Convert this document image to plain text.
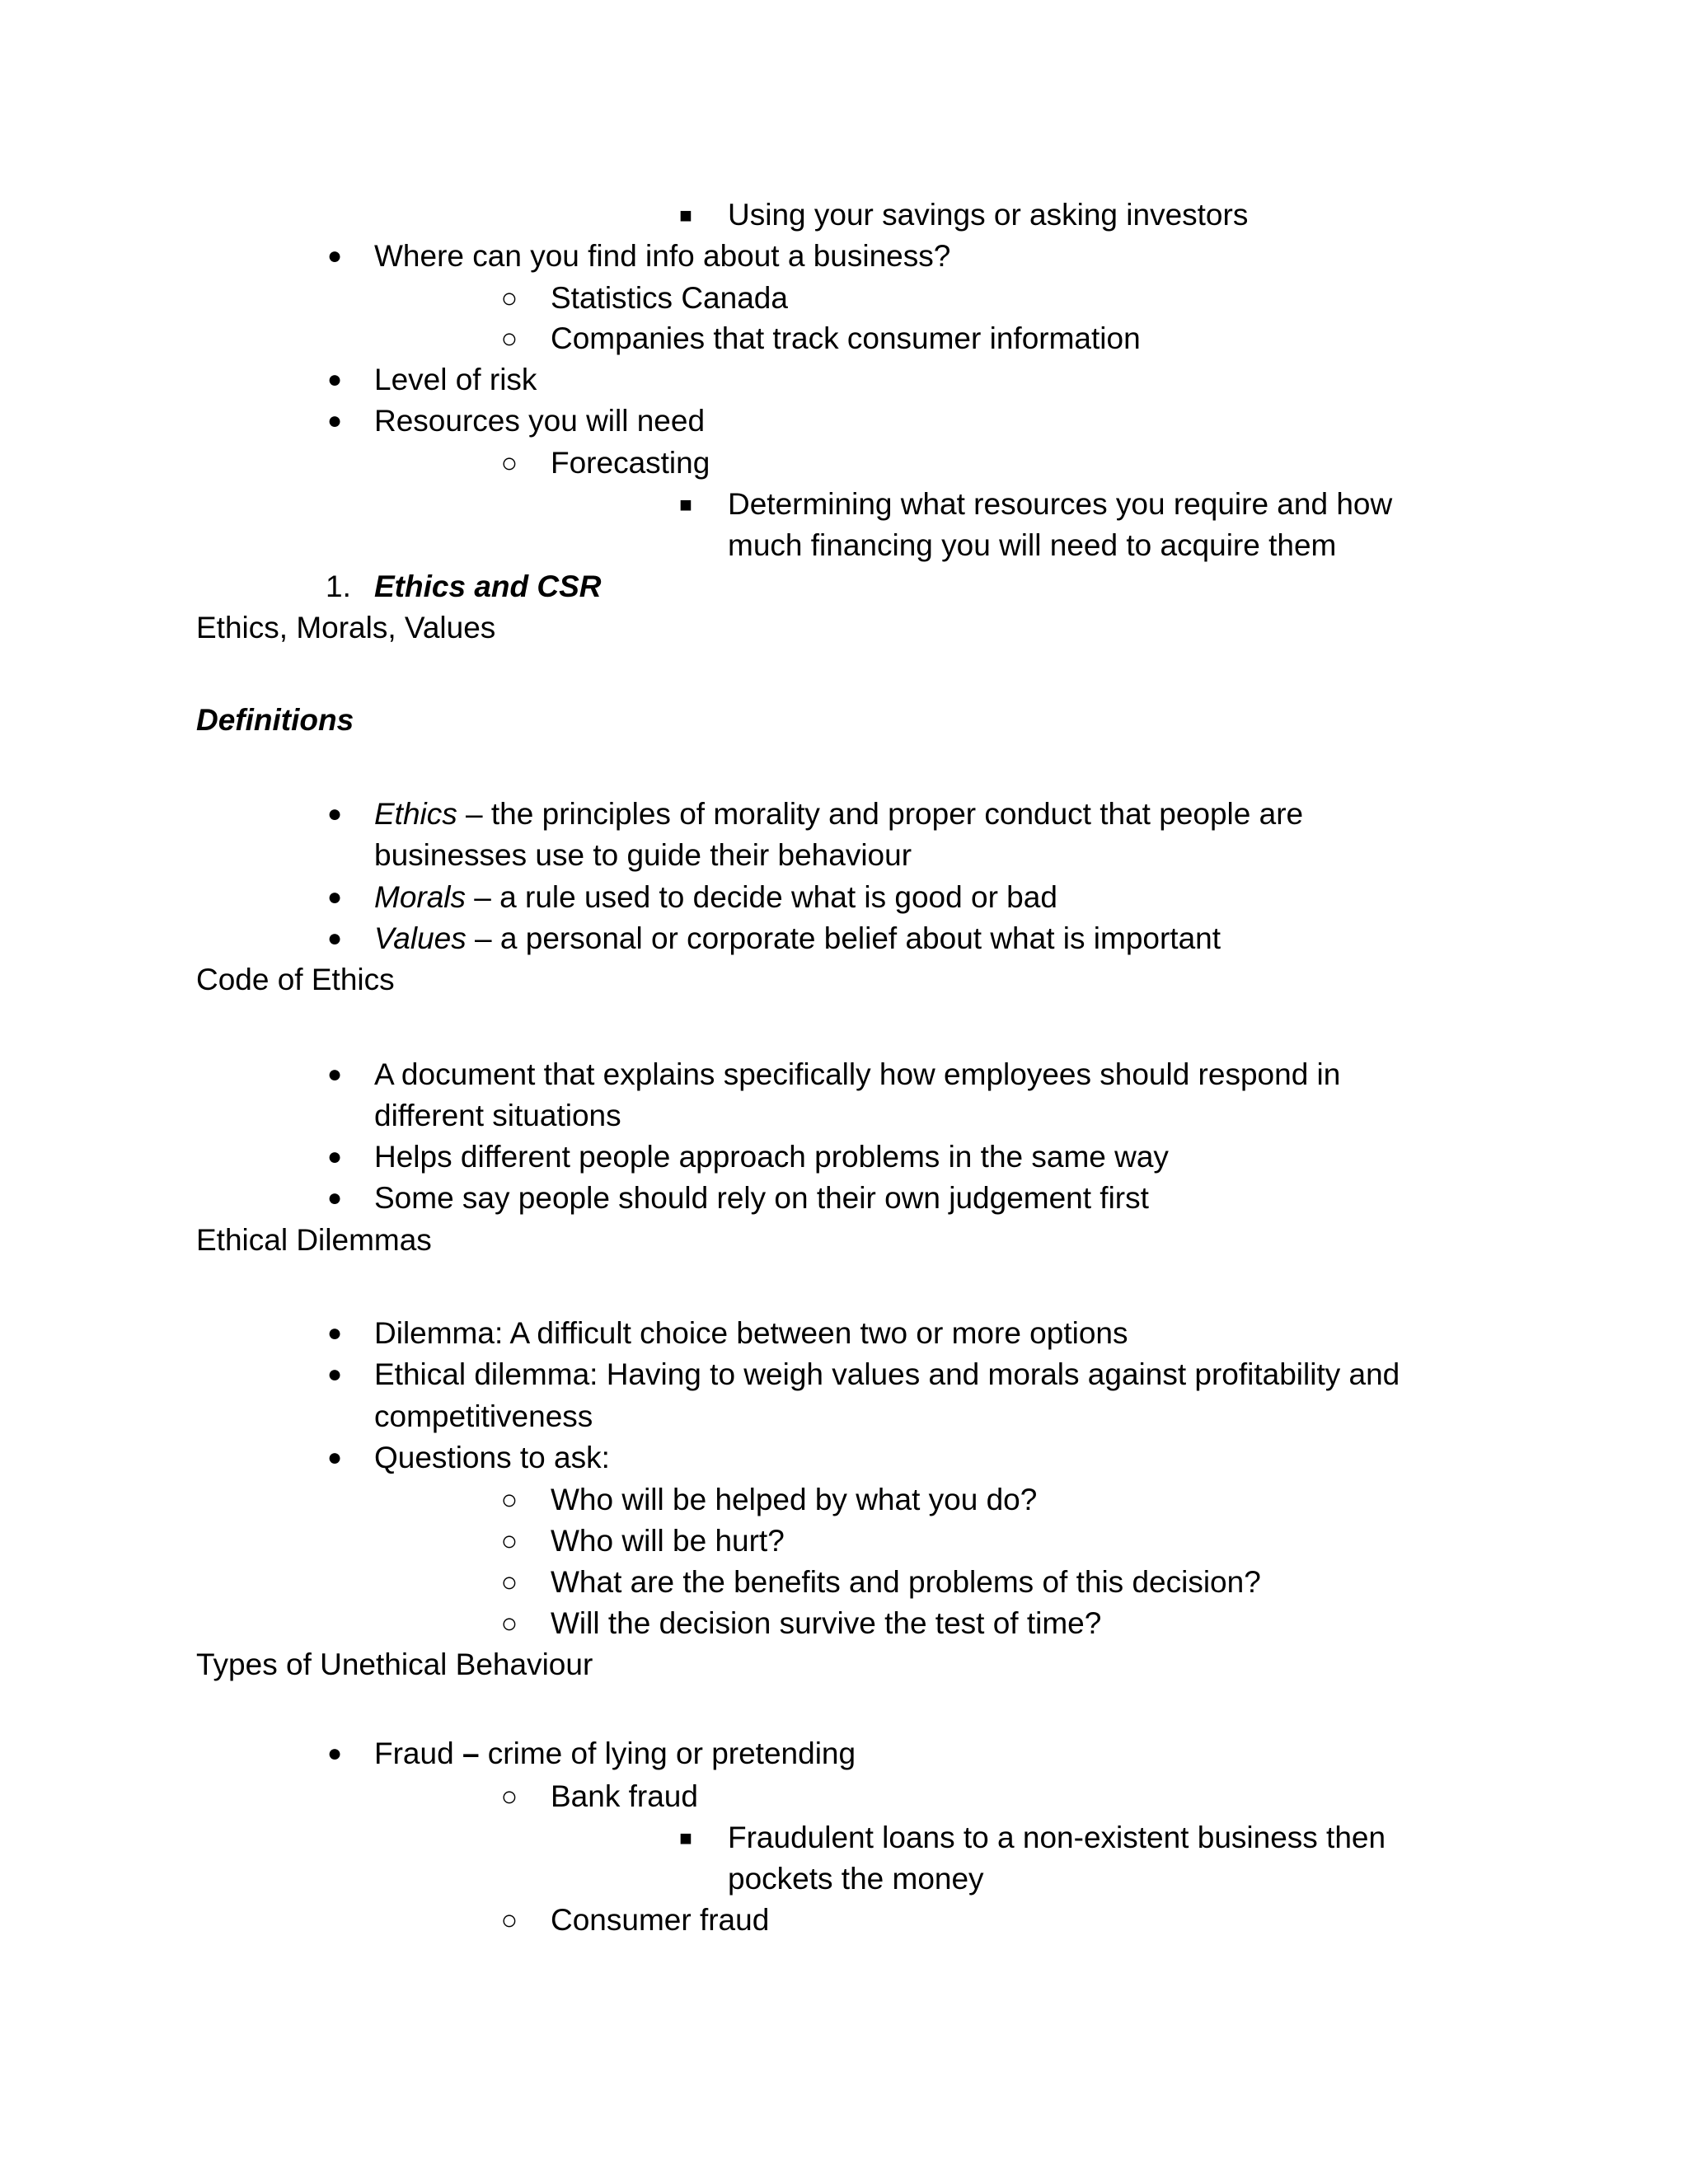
■	Using your savings or asking investors
● Where can you find info about a business?
○ Statistics Canada
○ Companies that track consumer information
● Level of risk
● Resources you will need
○ Forecasting
■	Determining what resources you require and how
much financing you will need to acquire them
1. Ethics and CSR
Ethics, Morals, Values
Definitions
● Ethics – the principles of morality and proper conduct that people are
businesses use to guide their behaviour
● Morals – a rule used to decide what is good or bad
● Values – a personal or corporate belief about what is important
Code of Ethics
● A document that explains specifically how employees should respond in
different situations
● Helps different people approach problems in the same way
● Some say people should rely on their own judgement first
Ethical Dilemmas
● Dilemma: A difficult choice between two or more options
● Ethical dilemma: Having to weigh values and morals against profitability and
competitiveness
● Questions to ask:
○ Who will be helped by what you do?
○ Who will be hurt?
○ What are the benefits and problems of this decision?
○ Will the decision survive the test of time?
Types of Unethical Behaviour
● Fraud – crime of lying or pretending
○ Bank fraud
■	Fraudulent loans to a non-existent business then
pockets the money
○ Consumer fraud
